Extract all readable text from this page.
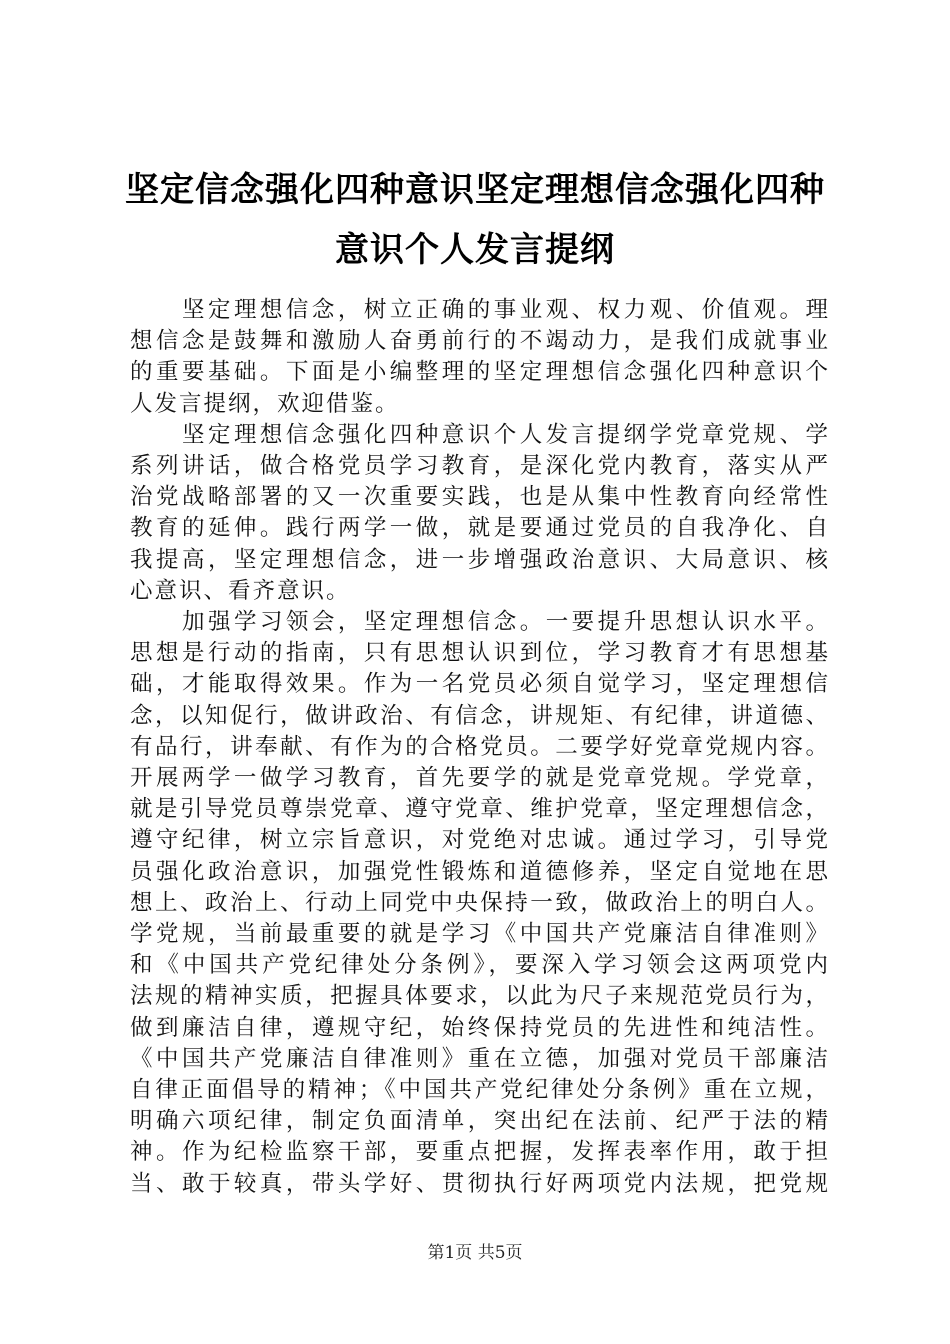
坚定信念强化四种意识坚定理想信念强化四种
意识个人发言提纲
坚定理想信念，树立正确的事业观、权力观、价值观。理
想信念是鼓舞和激励人奋勇前行的不竭动力，是我们成就事业
的重要基础。下面是小编整理的坚定理想信念强化四种意识个
人发言提纲，欢迎借鉴。
坚定理想信念强化四种意识个人发言提纲学党章党规、学
系列讲话，做合格党员学习教育，是深化党内教育，落实从严
治党战略部署的又一次重要实践，也是从集中性教育向经常性
教育的延伸。践行两学一做，就是要通过党员的自我净化、自
我提高，坚定理想信念，进一步增强政治意识、大局意识、核
心意识、看齐意识。
加强学习领会，坚定理想信念。一要提升思想认识水平。
思想是行动的指南，只有思想认识到位，学习教育才有思想基
础，才能取得效果。作为一名党员必须自觉学习，坚定理想信
念，以知促行，做讲政治、有信念，讲规矩、有纪律，讲道德、
有品行，讲奉献、有作为的合格党员。二要学好党章党规内容。
开展两学一做学习教育，首先要学的就是党章党规。学党章，
就是引导党员尊崇党章、遵守党章、维护党章，坚定理想信念，
遵守纪律，树立宗旨意识，对党绝对忠诚。通过学习，引导党
员强化政治意识，加强党性锻炼和道德修养，坚定自觉地在思
想上、政治上、行动上同党中央保持一致，做政治上的明白人。
学党规，当前最重要的就是学习《中国共产党廉洁自律准则》
和《中国共产党纪律处分条例》，要深入学习领会这两项党内
法规的精神实质，把握具体要求，以此为尺子来规范党员行为，
做到廉洁自律，遵规守纪，始终保持党员的先进性和纯洁性。
《中国共产党廉洁自律准则》重在立德，加强对党员干部廉洁
自律正面倡导的精神；《中国共产党纪律处分条例》重在立规，
明确六项纪律，制定负面清单，突出纪在法前、纪严于法的精
神。作为纪检监察干部，要重点把握，发挥表率作用，敢于担
当、敢于较真，带头学好、贯彻执行好两项党内法规，把党规
第1页 共5页
